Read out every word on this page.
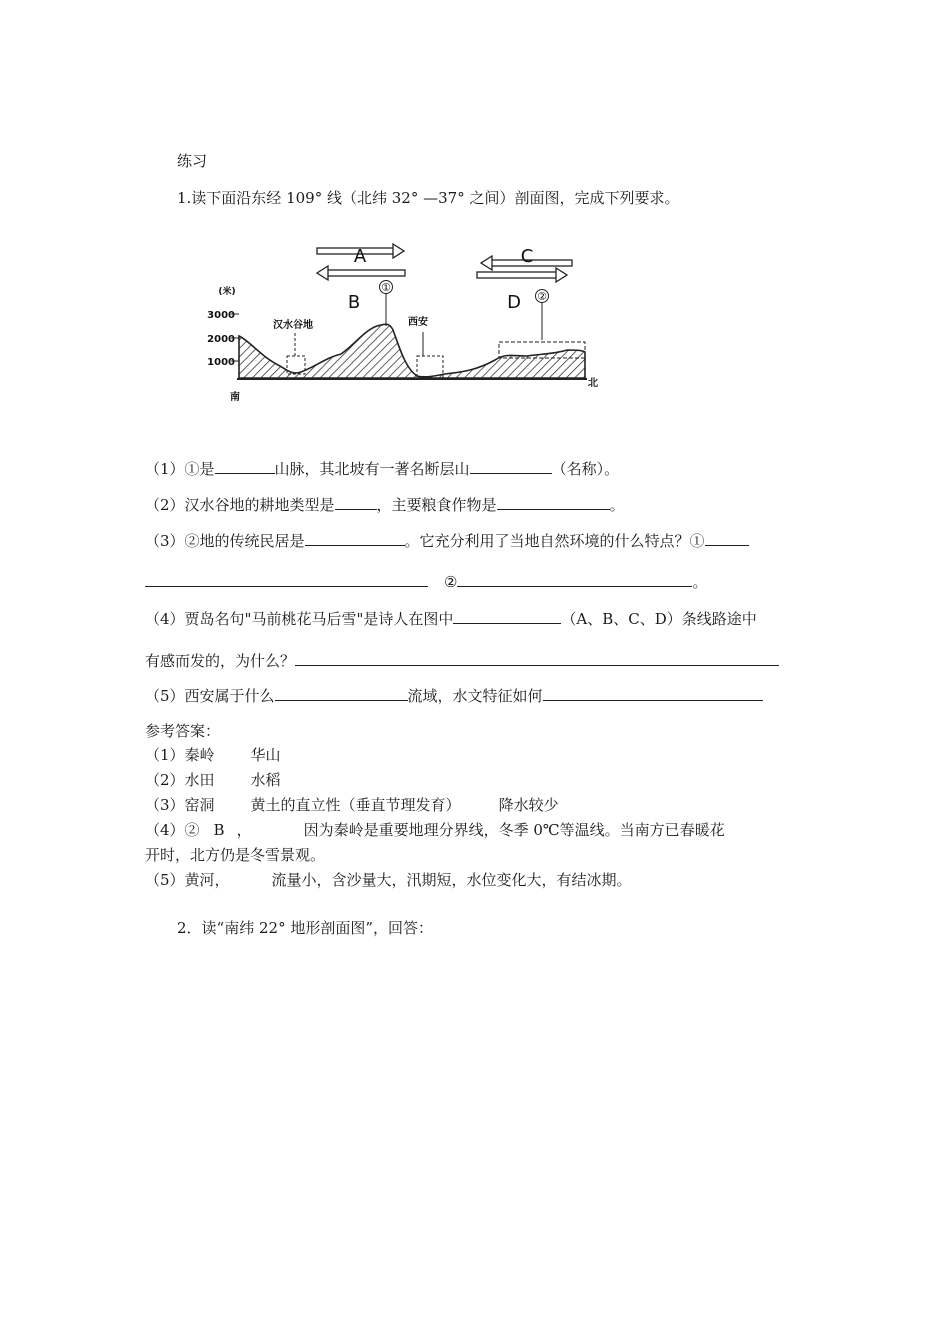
练习
1.读下面沿东经 109° 线（北纬 32° —37° 之间）剖面图，完成下列要求。
A
B
C
D
①
②
(米)
3000
2000
1000
汉水谷地	西安
南
北
（1）①是	山脉，其北坡有一著名断层山	（名称）。
（2）汉水谷地的耕地类型是	，主要粮食作物是	。
（3）②地的传统民居是	。它充分利用了当地自然环境的什么特点？①
②	。
（4）贾岛名句"马前桃花马后雪"是诗人在图中	（A、B、C、D）条线路途中
有感而发的，为什么？
（5）西安属于什么	流域，水文特征如何
参考答案：
（1）秦岭 华山
（2）水田 水稻
（3）窑洞 黄土的直立性（垂直节理发育）	降水较少
（4）② B ，	因为秦岭是重要地理分界线，冬季 0℃等温线。当南方已春暖花
开时，北方仍是冬雪景观。
（5）黄河，	流量小，含沙量大，汛期短，水位变化大，有结冰期。
2．读“南纬 22° 地形剖面图”，回答：
